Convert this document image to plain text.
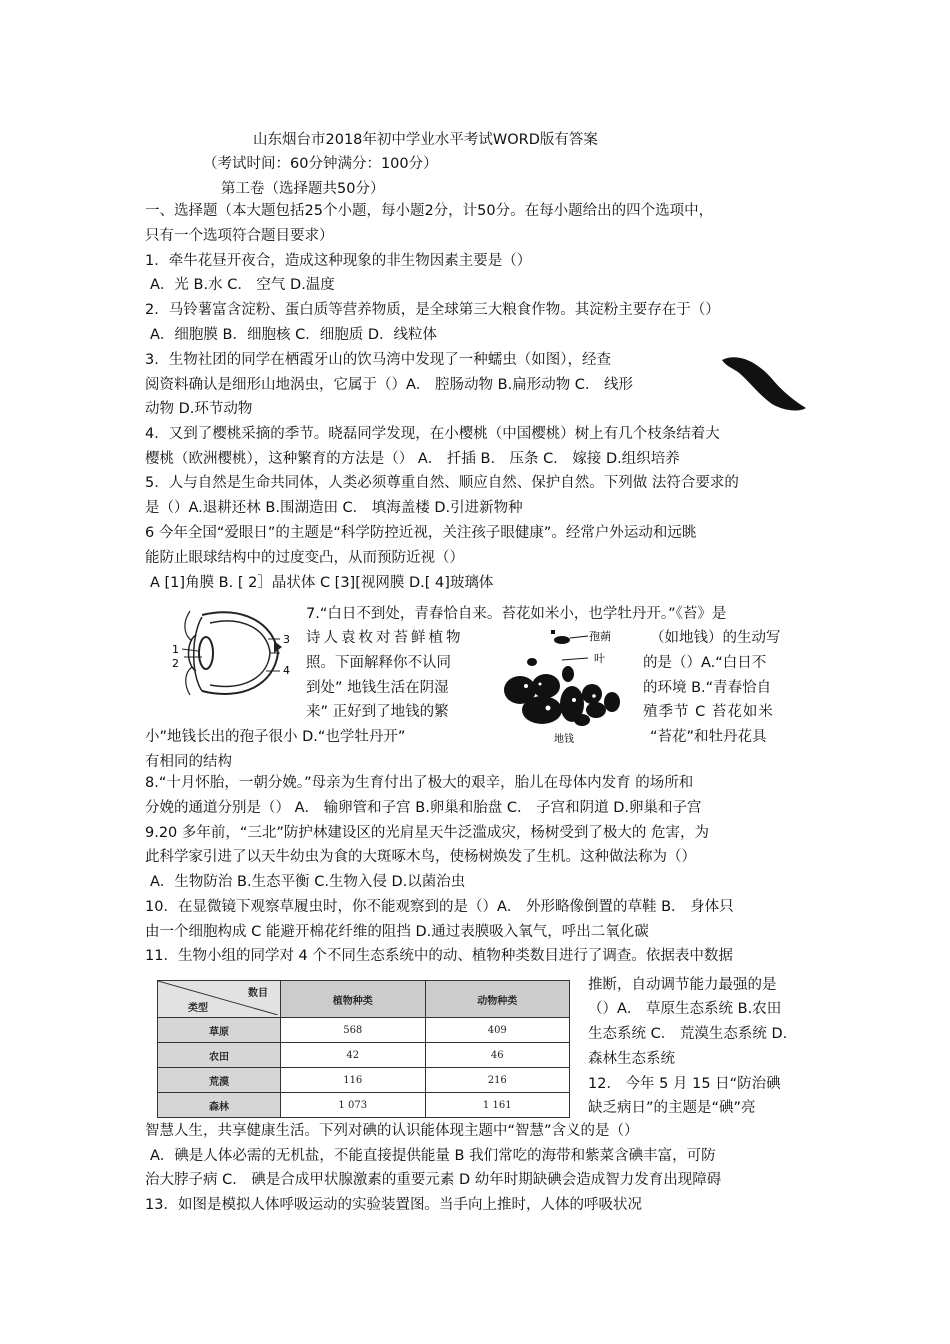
山东烟台市2018年初中学业水平考试WORD版有答案
（考试时间：60分钟满分：100分）
第工卷（选择题共50分）
一、选择题（本大题包括25个小题，每小题2分，计50分。在每小题给出的四个选项中，
只有一个选项符合题目要求）
1．牵牛花昼开夜合，造成这种现象的非生物因素主要是（）
A．光 B.水 C． 空气 D.温度
2．马铃薯富含淀粉、蛋白质等营养物质，是全球第三大粮食作物。其淀粉主要存在于（）
A．细胞膜 B．细胞核 C．细胞质 D．线粒体
3．生物社团的同学在栖霞牙山的饮马湾中发现了一种蠕虫（如图），经查
阅资料确认是细形山地涡虫，它属于（）A． 腔肠动物 B.扁形动物 C． 线形
动物 D.环节动物
4．又到了樱桃采摘的季节。晓磊同学发现，在小樱桃（中国樱桃）树上有几个枝条结着大
樱桃（欧洲樱桃），这种繁育的方法是（） A． 扦插 B． 压条 C． 嫁接 D.组织培养
5．人与自然是生命共同体，人类必须尊重自然、顺应自然、保护自然。下列做 法符合要求的
是（）A.退耕还林 B.围湖造田 C． 填海盖楼 D.引进新物种
6 今年全国“爱眼日”的主题是“科学防控近视，关注孩子眼健康”。经常户外运动和远眺
能防止眼球结构中的过度变凸，从而预防近视（）
A [1]角膜 B. [ 2］晶状体 C [3][视网膜 D.[ 4]玻璃体
1
2
3
4
7.“白日不到处，青春恰自来。苔花如米小，也学牡丹开。”《苔》是
诗人袁枚对苔鲜植物	（如地钱）的生动写
照。下面解释你不认同	的是（）A.“白日不
到处” 地钱生活在阴湿	的环境 B.“青春恰自
来” 正好到了地钱的繁	殖季节 C 苔花如米
小”地钱长出的孢子很小 D.“也学牡丹开”	“苔花”和牡丹花具
有相同的结构
孢蒴
叶
地钱
8.“十月怀胎，一朝分娩。”母亲为生育付出了极大的艰辛，胎儿在母体内发育 的场所和
分娩的通道分别是（） A． 输卵管和子宫 B.卵巢和胎盘 C． 子宫和阴道 D.卵巢和子宫
9.20 多年前，“三北”防护林建设区的光肩星天牛泛滥成灾，杨树受到了极大的 危害，为
此科学家引进了以天牛幼虫为食的大斑啄木鸟，使杨树焕发了生机。这种做法称为（）
A．生物防治 B.生态平衡 C.生物入侵 D.以菌治虫
10．在显微镜下观察草履虫时，你不能观察到的是（）A． 外形略像倒置的草鞋 B． 身体只
由一个细胞构成 C 能避开棉花纤维的阻挡 D.通过表膜吸入氧气，呼出二氧化碳
11．生物小组的同学对 4 个不同生态系统中的动、植物种类数目进行了调查。依据表中数据
推断，自动调节能力最强的是
（）A． 草原生态系统 B.农田
生态系统 C． 荒漠生态系统 D.
森林生态系统
数目
类型	植物种类	动物种类
草原	568	409
农田	42	46
荒漠	116	216
森林	1 073	1 161
12． 今年 5 月 15 日“防治碘
缺乏病日”的主题是“碘”亮
智慧人生，共享健康生活。下列对碘的认识能体现主题中“智慧”含义的是（）
A．碘是人体必需的无机盐，不能直接提供能量 B 我们常吃的海带和紫菜含碘丰富，可防
治大脖子病 C． 碘是合成甲状腺激素的重要元素 D 幼年时期缺碘会造成智力发育出现障碍
13．如图是模拟人体呼吸运动的实验装置图。当手向上推时，人体的呼吸状况
